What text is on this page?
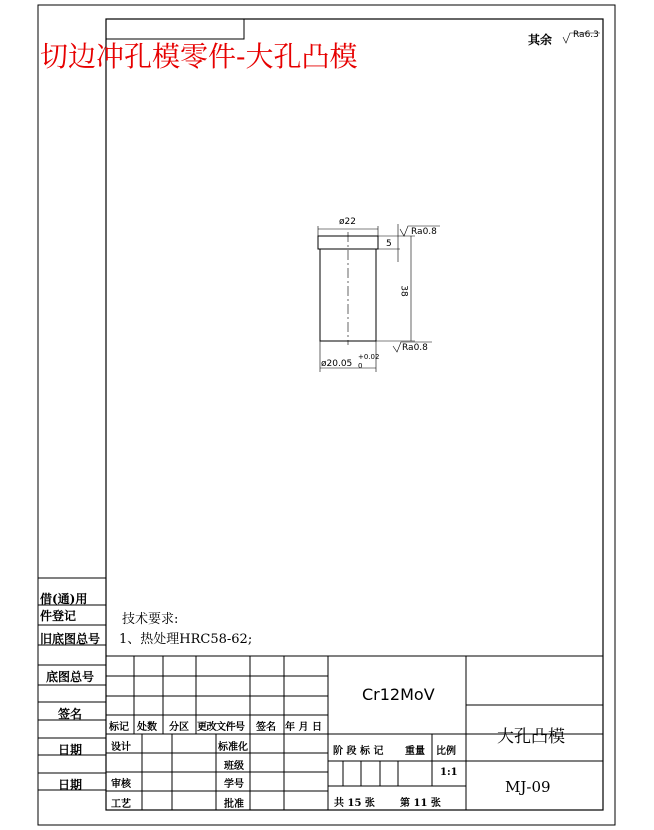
切边冲孔模零件-大孔凸模	其余 Ra6.3
ø22
5
38
ø20.05
+0.02
0
Ra0.8
Ra0.8
技术要求:
1、热处理HRC58-62;
借(通)用
件登记
旧底图总号
底图总号
签名
日期
日期
Cr12MoV
大孔凸模
MJ-09
1:1
共 15 张	第 11 张
标记 处数 分区 更改文件号 签名 年 月 日
设计	标准化
班级
审核	学号
工艺	批准
阶 段 标 记 重量 比例
